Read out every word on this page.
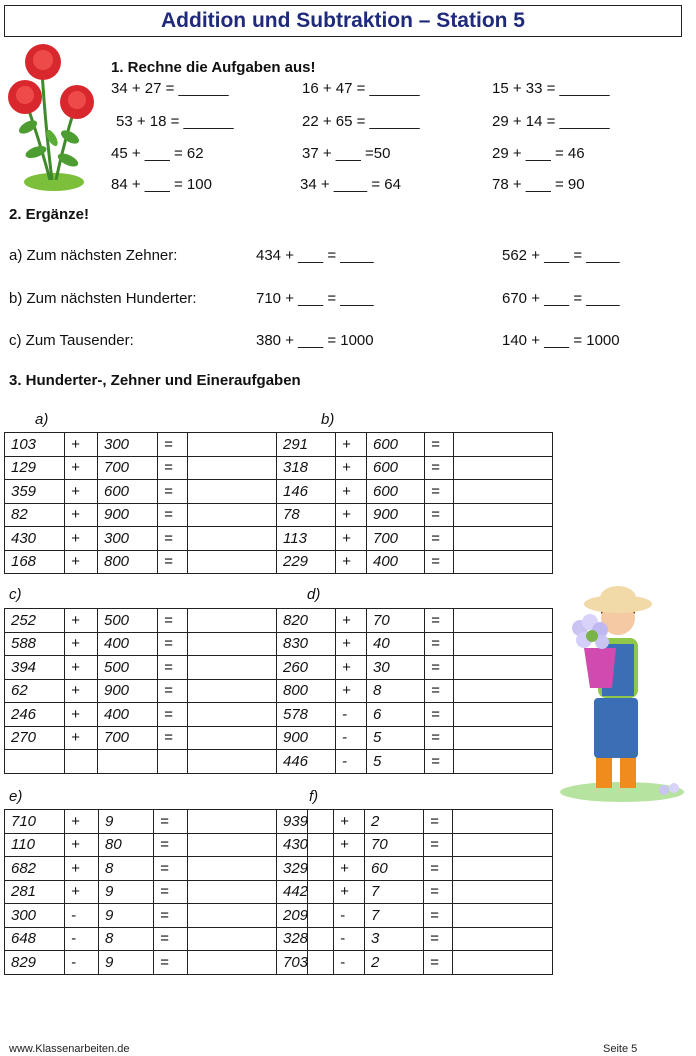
Addition und Subtraktion – Station 5
1. Rechne die Aufgaben aus!
34 + 27 = ______	16 + 47 = ______	15 + 33 = ______
53 + 18 = ______	22 + 65 = ______	29 + 14 = ______
45 + ___ = 62	37 + ___ =50	29 + ___ = 46
84 + ___ = 100	34 + ____ = 64	78 + ___ = 90
2. Ergänze!
a) Zum nächsten Zehner:	434 + ___ = ____	562 + ___ = ____
b) Zum nächsten Hunderter:	710 + ___ = ____	670 + ___ = ____
c) Zum Tausender:	380 + ___ = 1000	140 + ___ = 1000
3. Hunderter-, Zehner und Eineraufgaben
a)	b)
c)	d)
e)	f)
103	+	300	=	
129	+	700	=	
359	+	600	=	
82	+	900	=	
430	+	300	=	
168	+	800	=	
291	+	600	=	
318	+	600	=	
146	+	600	=	
78	+	900	=	
113	+	700	=	
229	+	400	=	
252	+	500	=	
588	+	400	=	
394	+	500	=	
62	+	900	=	
246	+	400	=	
270	+	700	=	

820	+	70	=	
830	+	40	=	
260	+	30	=	
800	+	8	=	
578	-	6	=	
900	-	5	=	
446	-	5	=	
710	+	9	=	
110	+	80	=	
682	+	8	=	
281	+	9	=	
300	-	9	=	
648	-	8	=	
829	-	9	=	
939	+	2	=	
430	+	70	=	
329	+	60	=	
442	+	7	=	
209	-	7	=	
328	-	3	=	
703	-	2	=	
www.Klassenarbeiten.de	Seite 5
